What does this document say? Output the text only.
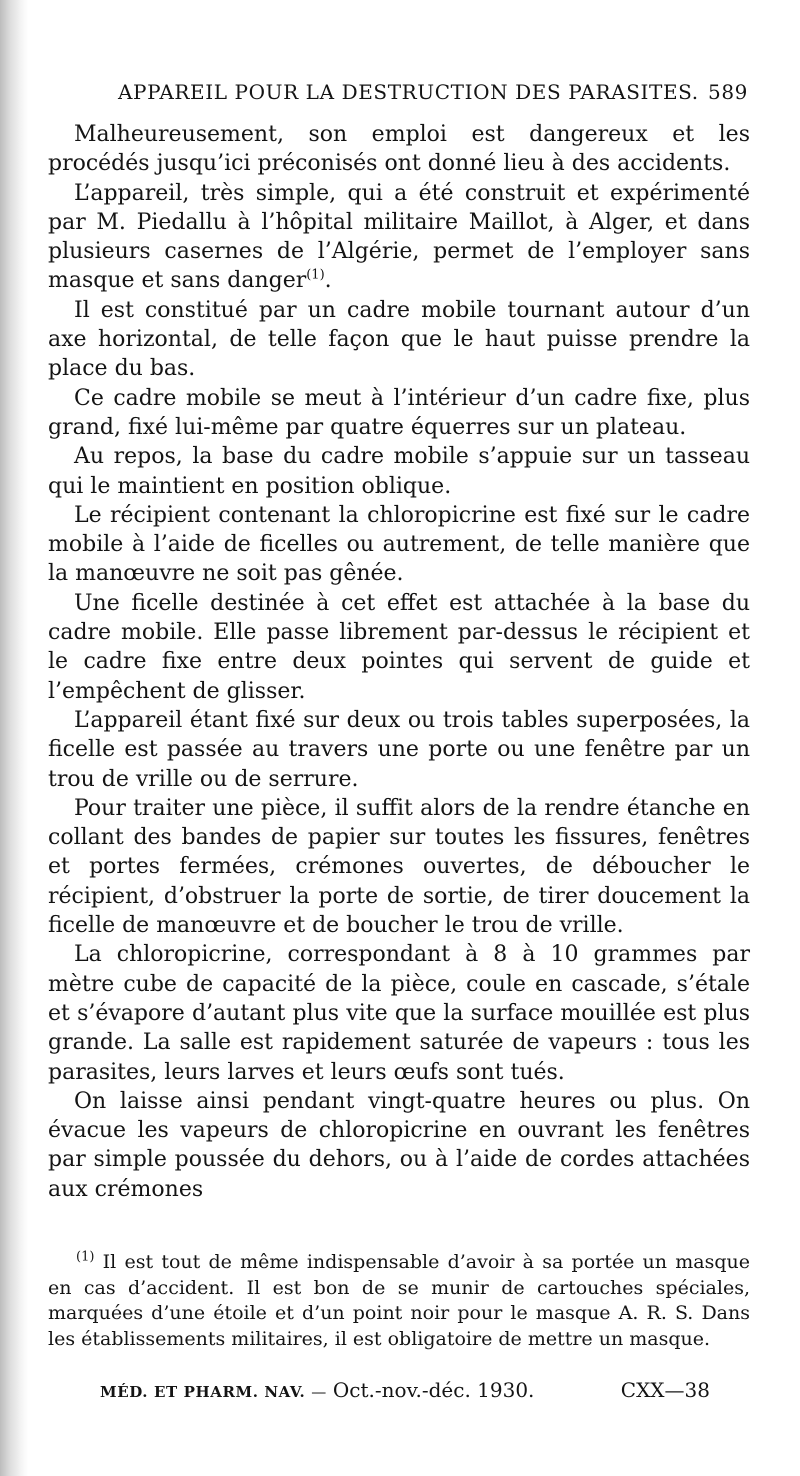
APPAREIL POUR LA DESTRUCTION DES PARASITES. 589

Malheureusement, son emploi est dangereux et les procédés jusqu’ici préconisés ont donné lieu à des accidents.

L’appareil, très simple, qui a été construit et expérimenté par M. Piedallu à l’hôpital militaire Maillot, à Alger, et dans plusieurs casernes de l’Algérie, permet de l’employer sans masque et sans danger$^{(1)}$.

Il est constitué par un cadre mobile tournant autour d’un axe horizontal, de telle façon que le haut puisse prendre la place du bas.

Ce cadre mobile se meut à l’intérieur d’un cadre fixe, plus grand, fixé lui-même par quatre équerres sur un plateau.

Au repos, la base du cadre mobile s’appuie sur un tasseau qui le maintient en position oblique.

Le récipient contenant la chloropicrine est fixé sur le cadre mobile à l’aide de ficelles ou autrement, de telle manière que la manœuvre ne soit pas gênée.

Une ficelle destinée à cet effet est attachée à la base du cadre mobile. Elle passe librement par-dessus le récipient et le cadre fixe entre deux pointes qui servent de guide et l’empêchent de glisser.

L’appareil étant fixé sur deux ou trois tables superposées, la ficelle est passée au travers une porte ou une fenêtre par un trou de vrille ou de serrure.

Pour traiter une pièce, il suffit alors de la rendre étanche en collant des bandes de papier sur toutes les fissures, fenêtres et portes fermées, crémones ouvertes, de déboucher le récipient, d’obstruer la porte de sortie, de tirer doucement la ficelle de manœuvre et de boucher le trou de vrille.

La chloropicrine, correspondant à 8 à 10 grammes par mètre cube de capacité de la pièce, coule en cascade, s’étale et s’évapore d’autant plus vite que la surface mouillée est plus grande. La salle est rapidement saturée de vapeurs : tous les parasites, leurs larves et leurs œufs sont tués.

On laisse ainsi pendant vingt-quatre heures ou plus. On évacue les vapeurs de chloropicrine en ouvrant les fenêtres par simple poussée du dehors, ou à l’aide de cordes attachées aux crémones

$^{(1)}$ Il est tout de même indispensable d’avoir à sa portée un masque en cas d’accident. Il est bon de se munir de cartouches spéciales, marquées d’une étoile et d’un point noir pour le masque A. R. S. Dans les établissements militaires, il est obligatoire de mettre un masque.

MÉD. ET PHARM. NAV. — Oct.-nov.-déc. 1930.	CXX—38
